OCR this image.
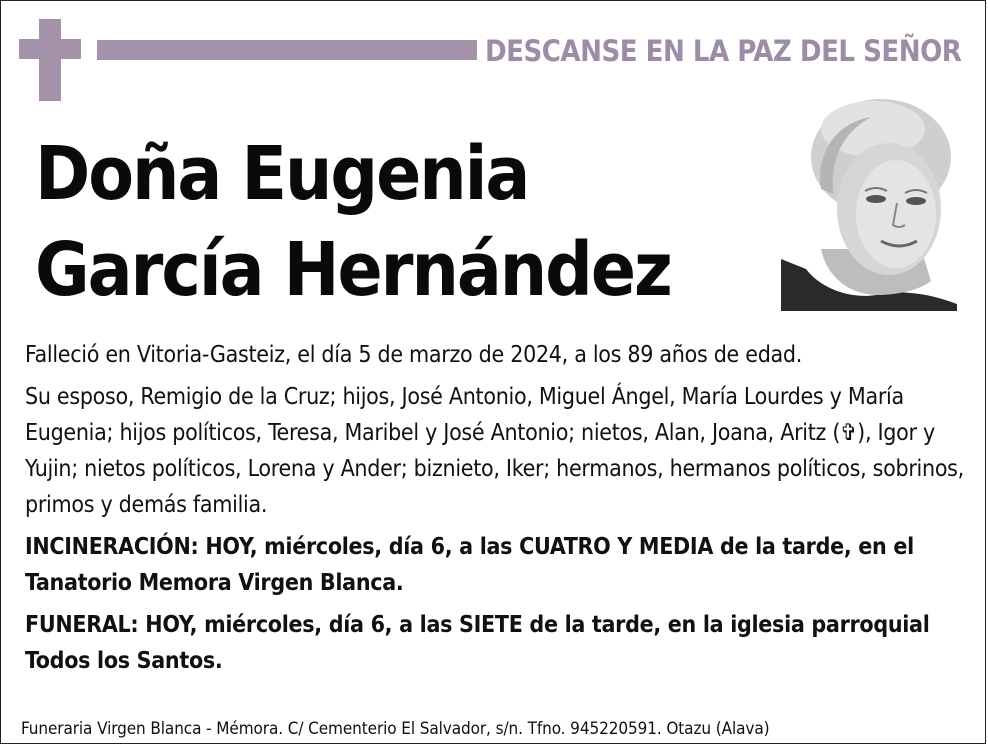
DESCANSE EN LA PAZ DEL SEÑOR
Doña Eugenia
García Hernández

Falleció en Vitoria-Gasteiz, el día 5 de marzo de 2024, a los 89 años de edad.

Su esposo, Remigio de la Cruz; hijos, José Antonio, Miguel Ángel, María Lourdes y María Eugenia; hijos políticos, Teresa, Maribel y José Antonio; nietos, Alan, Joana, Aritz (✞), Igor y Yujin; nietos políticos, Lorena y Ander; biznieto, Iker; hermanos, hermanos políticos, sobrinos, primos y demás familia.

INCINERACIÓN: HOY, miércoles, día 6, a las CUATRO Y MEDIA de la tarde, en el Tanatorio Memora Virgen Blanca.

FUNERAL: HOY, miércoles, día 6, a las SIETE de la tarde, en la iglesia parroquial Todos los Santos.

Funeraria Virgen Blanca - Mémora. C/ Cementerio El Salvador, s/n. Tfno. 945220591. Otazu (Alava)
